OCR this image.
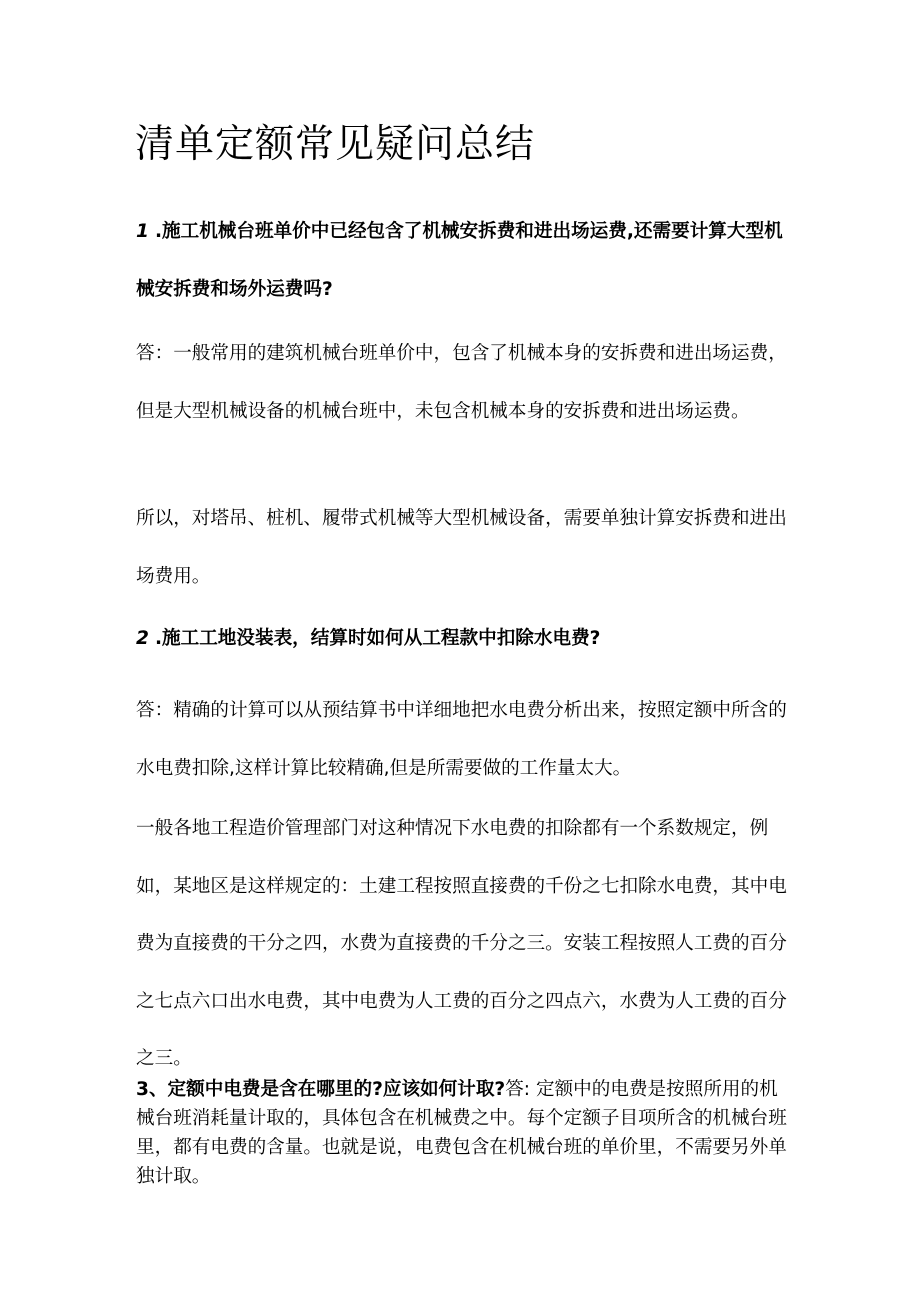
清单定额常见疑问总结

1 .施工机械台班单价中已经包含了机械安拆费和进出场运费,还需要计算大型机械安拆费和场外运费吗?

答：一般常用的建筑机械台班单价中，包含了机械本身的安拆费和进出场运费，但是大型机械设备的机械台班中，未包含机械本身的安拆费和进出场运费。

所以，对塔吊、桩机、履带式机械等大型机械设备，需要单独计算安拆费和进出场费用。

2 .施工工地没装表，结算时如何从工程款中扣除水电费?

答：精确的计算可以从预结算书中详细地把水电费分析出来，按照定额中所含的水电费扣除,这样计算比较精确,但是所需要做的工作量太大。

一般各地工程造价管理部门对这种情况下水电费的扣除都有一个系数规定，例如，某地区是这样规定的：土建工程按照直接费的千份之七扣除水电费，其中电费为直接费的干分之四，水费为直接费的千分之三。安装工程按照人工费的百分之七点六口出水电费，其中电费为人工费的百分之四点六，水费为人工费的百分之三。

3、定额中电费是含在哪里的?应该如何计取?答: 定额中的电费是按照所用的机械台班消耗量计取的，具体包含在机械费之中。每个定额子目项所含的机械台班里，都有电费的含量。也就是说，电费包含在机械台班的单价里，不需要另外单独计取。
